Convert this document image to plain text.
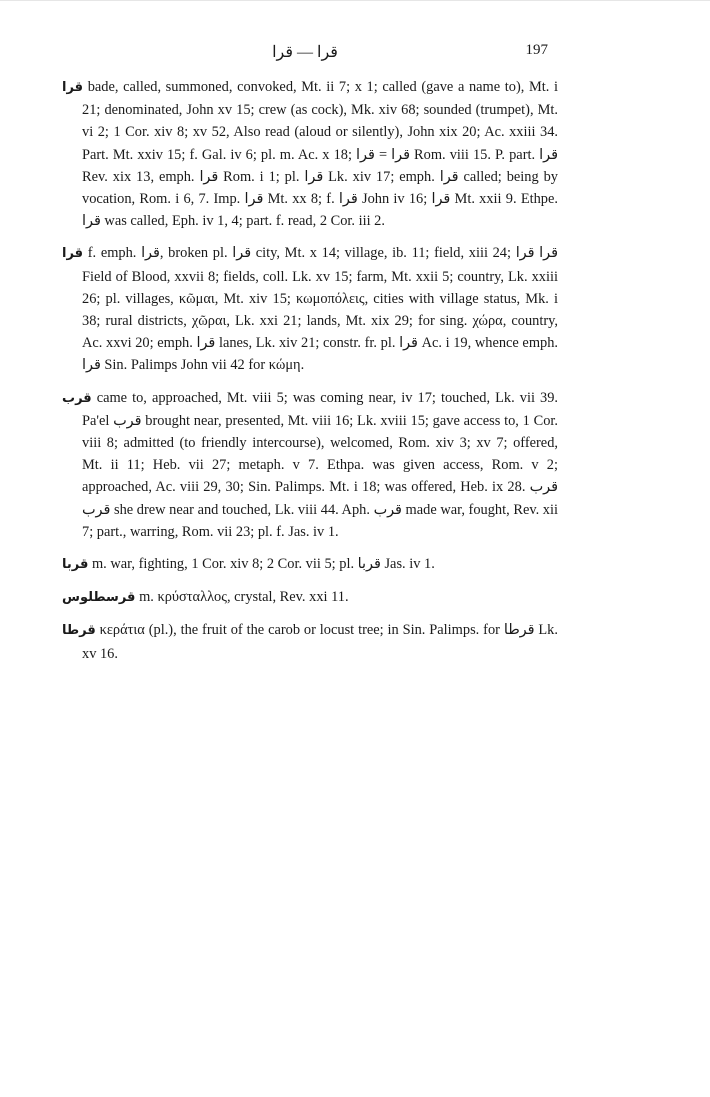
قرا — قرا	197

قرا bade, called, summoned, convoked, Mt. ii 7; x 1; called (gave a name to), Mt. i 21; denominated, John xv 15; crew (as cock), Mk. xiv 68; sounded (trumpet), Mt. vi 2; 1 Cor. xiv 8; xv 52, Also read (aloud or silently), John xix 20; Ac. xxiii 34. Part. Mt. xxiv 15; f. Gal. iv 6; pl. m. Ac. x 18; قرا = قرا Rom. viii 15. P. part. قرا Rev. xix 13, emph. قرا Rom. i 1; pl. قرا Lk. xiv 17; emph. قرا called; being by vocation, Rom. i 6, 7. Imp. قرا Mt. xx 8; f. قرا John iv 16; قرا Mt. xxii 9. Ethpe. قرا was called, Eph. iv 1, 4; part. f. read, 2 Cor. iii 2.

قرا f. emph. قرا, broken pl. قرا city, Mt. x 14; village, ib. 11; field, xiii 24; قرا قرا Field of Blood, xxvii 8; fields, coll. Lk. xv 15; farm, Mt. xxii 5; country, Lk. xxiii 26; pl. villages, κῶμαι, Mt. xiv 15; κωμοπόλεις, cities with village status, Mk. i 38; rural districts, χῶραι, Lk. xxi 21; lands, Mt. xix 29; for sing. χώρα, country, Ac. xxvi 20; emph. قرا lanes, Lk. xiv 21; constr. fr. pl. قرا Ac. i 19, whence emph. قرا Sin. Palimps John vii 42 for κώμη.

قرب came to, approached, Mt. viii 5; was coming near, iv 17; touched, Lk. vii 39. Pa'el قرب brought near, presented, Mt. viii 16; Lk. xviii 15; gave access to, 1 Cor. viii 8; admitted (to friendly intercourse), welcomed, Rom. xiv 3; xv 7; offered, Mt. ii 11; Heb. vii 27; metaph. v 7. Ethpa. was given access, Rom. v 2; approached, Ac. viii 29, 30; Sin. Palimps. Mt. i 18; was offered, Heb. ix 28. قرب قرب she drew near and touched, Lk. viii 44. Aph. قرب made war, fought, Rev. xii 7; part., warring, Rom. vii 23; pl. f. Jas. iv 1.

قربا m. war, fighting, 1 Cor. xiv 8; 2 Cor. vii 5; pl. قربا Jas. iv 1.

قرسطلوس m. κρύσταλλος, crystal, Rev. xxi 11.

قرطا κεράτια (pl.), the fruit of the carob or locust tree; in Sin. Palimps. for قرطا Lk. xv 16.
